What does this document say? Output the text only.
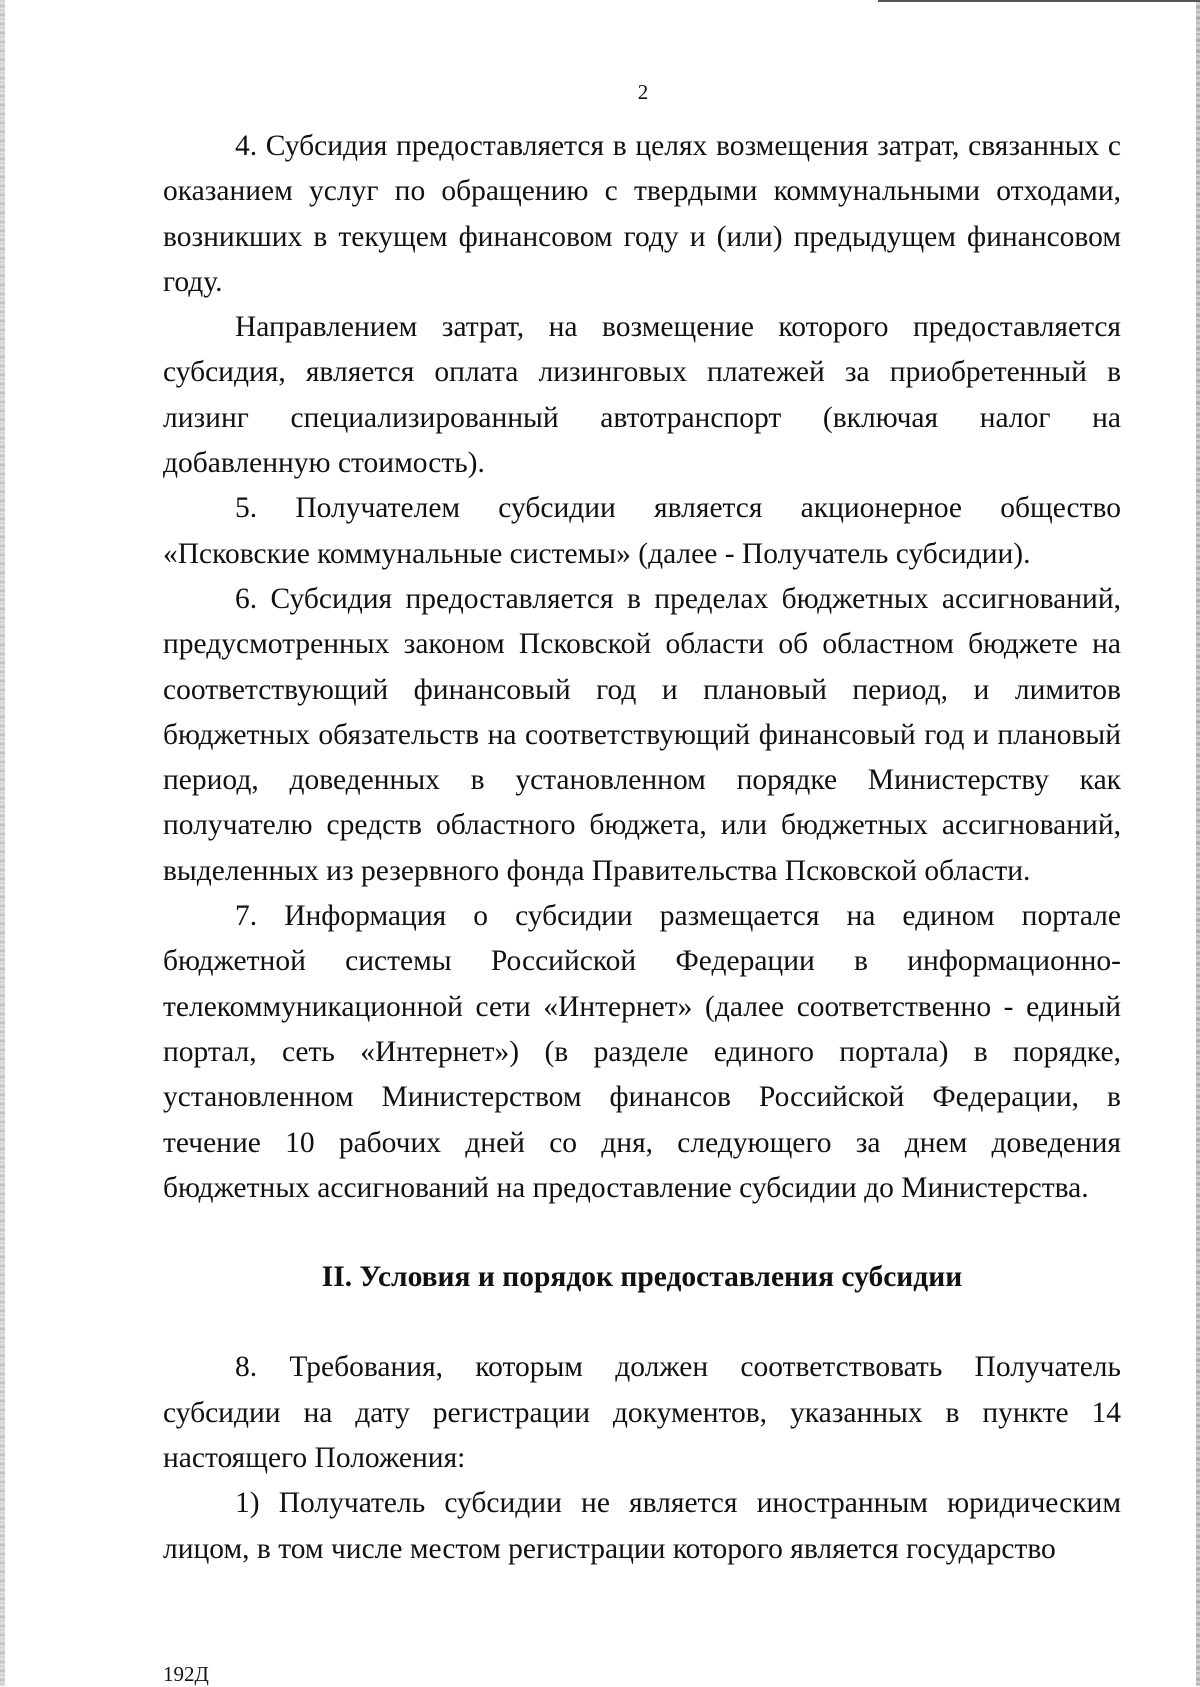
2

4. Субсидия предоставляется в целях возмещения затрат, связанных с оказанием услуг по обращению с твердыми коммунальными отходами, возникших в текущем финансовом году и (или) предыдущем финансовом году.

Направлением затрат, на возмещение которого предоставляется субсидия, является оплата лизинговых платежей за приобретенный в лизинг специализированный автотранспорт (включая налог на добавленную стоимость).

5. Получателем субсидии является акционерное общество «Псковские коммунальные системы» (далее - Получатель субсидии).

6. Субсидия предоставляется в пределах бюджетных ассигнований, предусмотренных законом Псковской области об областном бюджете на соответствующий финансовый год и плановый период, и лимитов бюджетных обязательств на соответствующий финансовый год и плановый период, доведенных в установленном порядке Министерству как получателю средств областного бюджета, или бюджетных ассигнований, выделенных из резервного фонда Правительства Псковской области.

7. Информация о субсидии размещается на едином портале бюджетной системы Российской Федерации в информационно-телекоммуникационной сети «Интернет» (далее соответственно - единый портал, сеть «Интернет») (в разделе единого портала) в порядке, установленном Министерством финансов Российской Федерации, в течение 10 рабочих дней со дня, следующего за днем доведения бюджетных ассигнований на предоставление субсидии до Министерства.

II. Условия и порядок предоставления субсидии

8. Требования, которым должен соответствовать Получатель субсидии на дату регистрации документов, указанных в пункте 14 настоящего Положения:

1) Получатель субсидии не является иностранным юридическим лицом, в том числе местом регистрации которого является государство

192Д
